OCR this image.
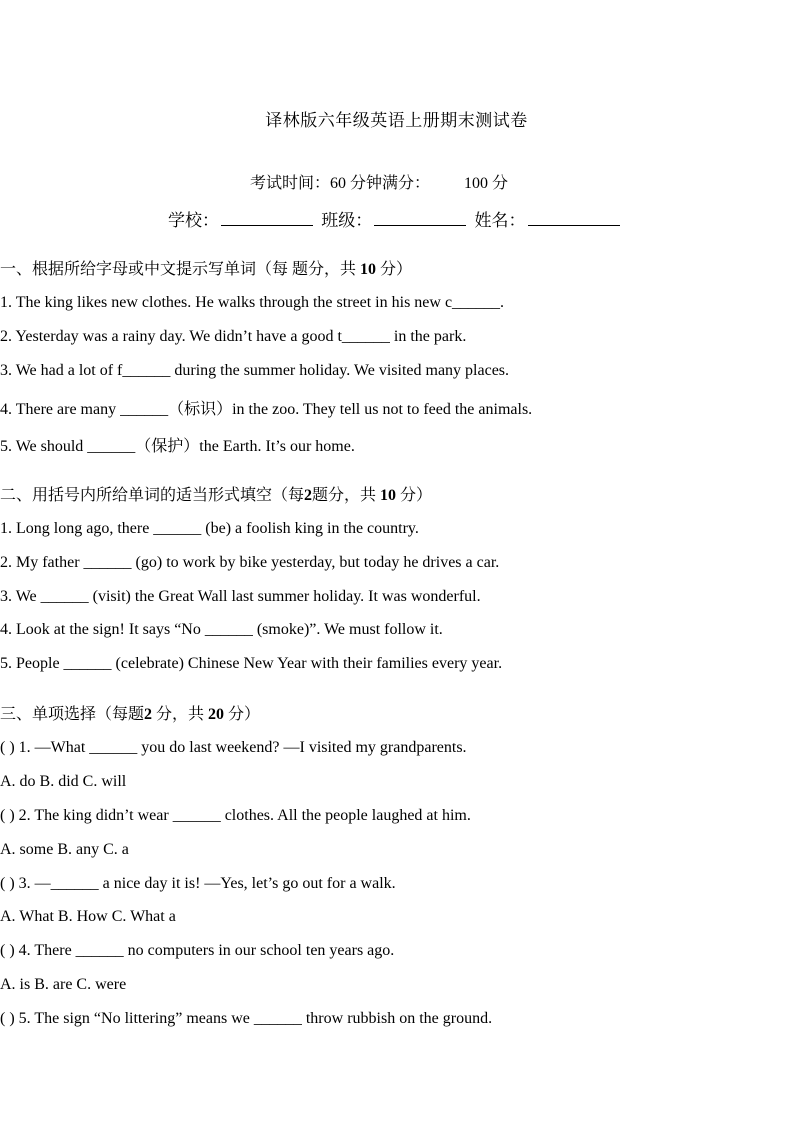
译林版六年级英语上册期末测试卷
考试时间：60 分钟满分： 100 分
学校：	班级：	姓名：
一、根据所给字母或中文提示写单词（每 题分，共 10 分）
1. The king likes new clothes. He walks through the street in his new c______.
2. Yesterday was a rainy day. We didn’t have a good t______ in the park.
3. We had a lot of f______ during the summer holiday. We visited many places.
4. There are many ______（标识）in the zoo. They tell us not to feed the animals.
5. We should ______（保护）the Earth. It’s our home.
二、用括号内所给单词的适当形式填空（每2题分，共 10 分）
1. Long long ago, there ______ (be) a foolish king in the country.
2. My father ______ (go) to work by bike yesterday, but today he drives a car.
3. We ______ (visit) the Great Wall last summer holiday. It was wonderful.
4. Look at the sign! It says “No ______ (smoke)”. We must follow it.
5. People ______ (celebrate) Chinese New Year with their families every year.
三、单项选择（每题2 分，共 20 分）
( ) 1. —What ______ you do last weekend? —I visited my grandparents.
A. do B. did C. will
( ) 2. The king didn’t wear ______ clothes. All the people laughed at him.
A. some B. any C. a
( ) 3. —______ a nice day it is! —Yes, let’s go out for a walk.
A. What B. How C. What a
( ) 4. There ______ no computers in our school ten years ago.
A. is B. are C. were
( ) 5. The sign “No littering” means we ______ throw rubbish on the ground.
